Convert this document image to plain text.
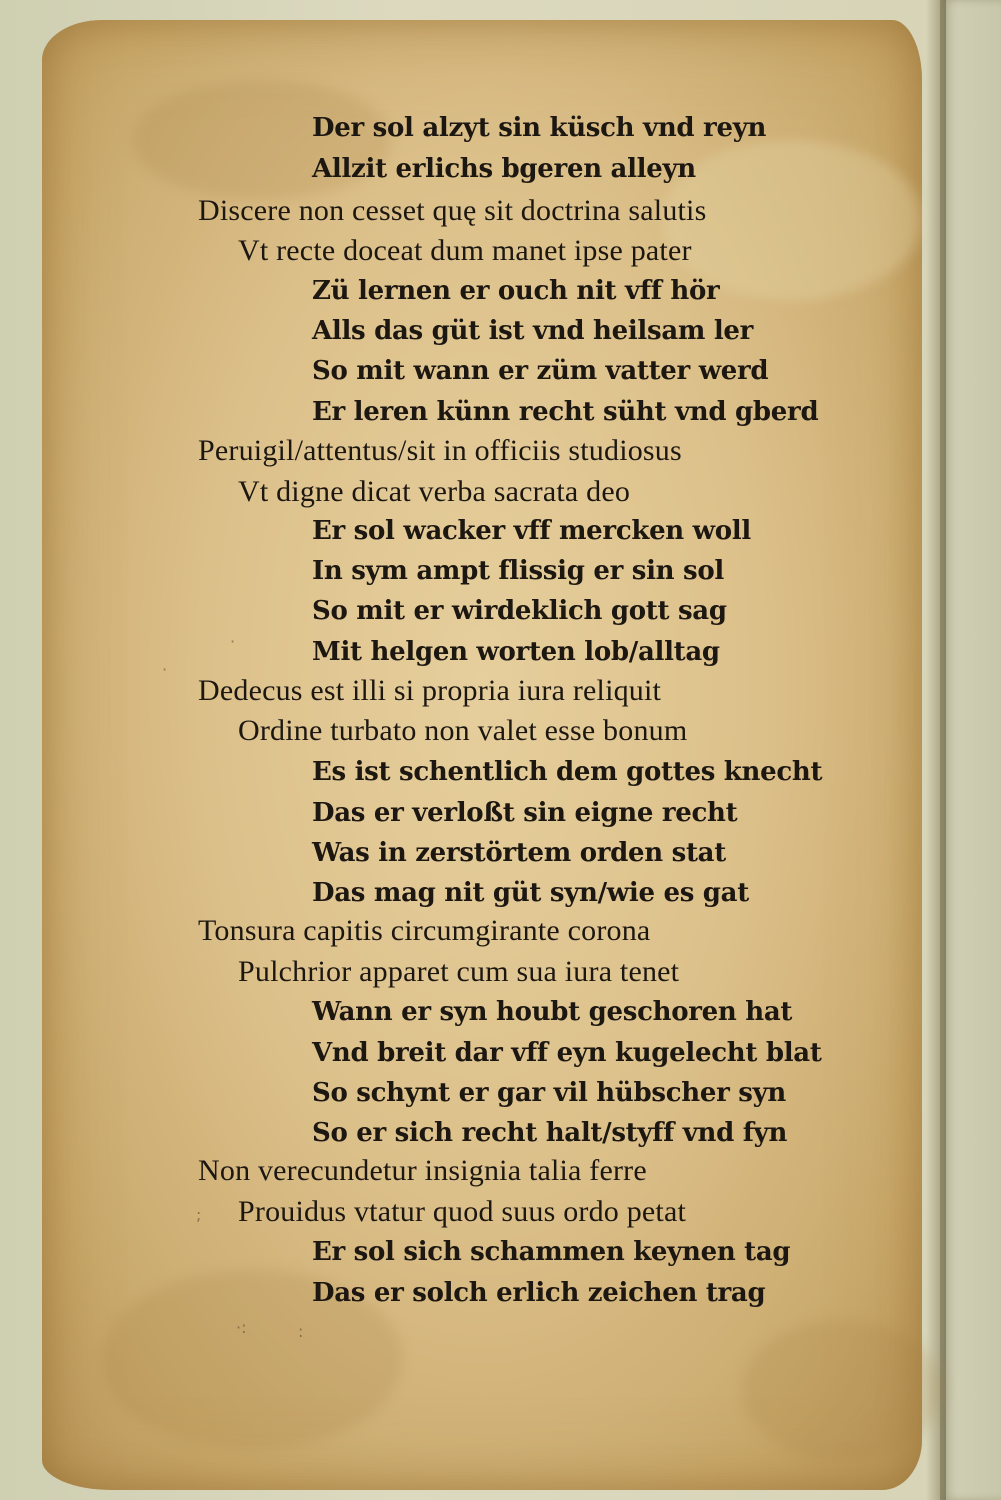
·
·
;
·:	:
Der sol alzyt sin küsch vnd reyn
Allzit erlichs bgeren alleyn
Discere non cesset quę sit doctrina salutis
Vt recte doceat dum manet ipse pater
Zü lernen er ouch nit vff hör
Alls das güt ist vnd heilsam ler
So mit wann er züm vatter werd
Er leren künn recht süht vnd gberd
Peruigil/attentus/sit in officiis studiosus
Vt digne dicat verba sacrata deo
Er sol wacker vff mercken woll
In sym ampt flissig er sin sol
So mit er wirdeklich gott sag
Mit helgen worten lob/alltag
Dedecus est illi si propria iura reliquit
Ordine turbato non valet esse bonum
Es ist schentlich dem gottes knecht
Das er verloßt sin eigne recht
Was in zerstörtem orden stat
Das mag nit güt syn/wie es gat
Tonsura capitis circumgirante corona
Pulchrior apparet cum sua iura tenet
Wann er syn houbt geschoren hat
Vnd breit dar vff eyn kugelecht blat
So schynt er gar vil hübscher syn
So er sich recht halt/styff vnd fyn
Non verecundetur insignia talia ferre
Prouidus vtatur quod suus ordo petat
Er sol sich schammen keynen tag
Das er solch erlich zeichen trag
